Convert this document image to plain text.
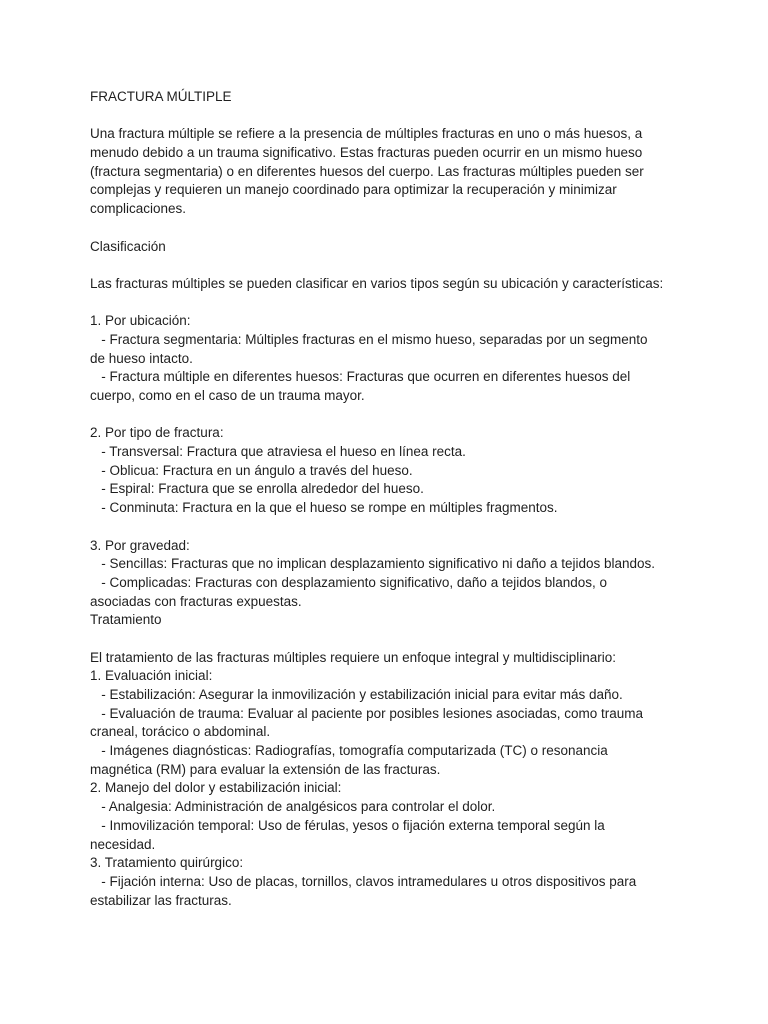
FRACTURA MÚLTIPLE
Una fractura múltiple se refiere a la presencia de múltiples fracturas en uno o más huesos, a
menudo debido a un trauma significativo. Estas fracturas pueden ocurrir en un mismo hueso
(fractura segmentaria) o en diferentes huesos del cuerpo. Las fracturas múltiples pueden ser
complejas y requieren un manejo coordinado para optimizar la recuperación y minimizar
complicaciones.
Clasificación
Las fracturas múltiples se pueden clasificar en varios tipos según su ubicación y características:
1. Por ubicación:
- Fractura segmentaria: Múltiples fracturas en el mismo hueso, separadas por un segmento
de hueso intacto.
- Fractura múltiple en diferentes huesos: Fracturas que ocurren en diferentes huesos del
cuerpo, como en el caso de un trauma mayor.
2. Por tipo de fractura:
- Transversal: Fractura que atraviesa el hueso en línea recta.
- Oblicua: Fractura en un ángulo a través del hueso.
- Espiral: Fractura que se enrolla alrededor del hueso.
- Conminuta: Fractura en la que el hueso se rompe en múltiples fragmentos.
3. Por gravedad:
- Sencillas: Fracturas que no implican desplazamiento significativo ni daño a tejidos blandos.
- Complicadas: Fracturas con desplazamiento significativo, daño a tejidos blandos, o
asociadas con fracturas expuestas.
Tratamiento
El tratamiento de las fracturas múltiples requiere un enfoque integral y multidisciplinario:
1. Evaluación inicial:
- Estabilización: Asegurar la inmovilización y estabilización inicial para evitar más daño.
- Evaluación de trauma: Evaluar al paciente por posibles lesiones asociadas, como trauma
craneal, torácico o abdominal.
- Imágenes diagnósticas: Radiografías, tomografía computarizada (TC) o resonancia
magnética (RM) para evaluar la extensión de las fracturas.
2. Manejo del dolor y estabilización inicial:
- Analgesia: Administración de analgésicos para controlar el dolor.
- Inmovilización temporal: Uso de férulas, yesos o fijación externa temporal según la
necesidad.
3. Tratamiento quirúrgico:
- Fijación interna: Uso de placas, tornillos, clavos intramedulares u otros dispositivos para
estabilizar las fracturas.
